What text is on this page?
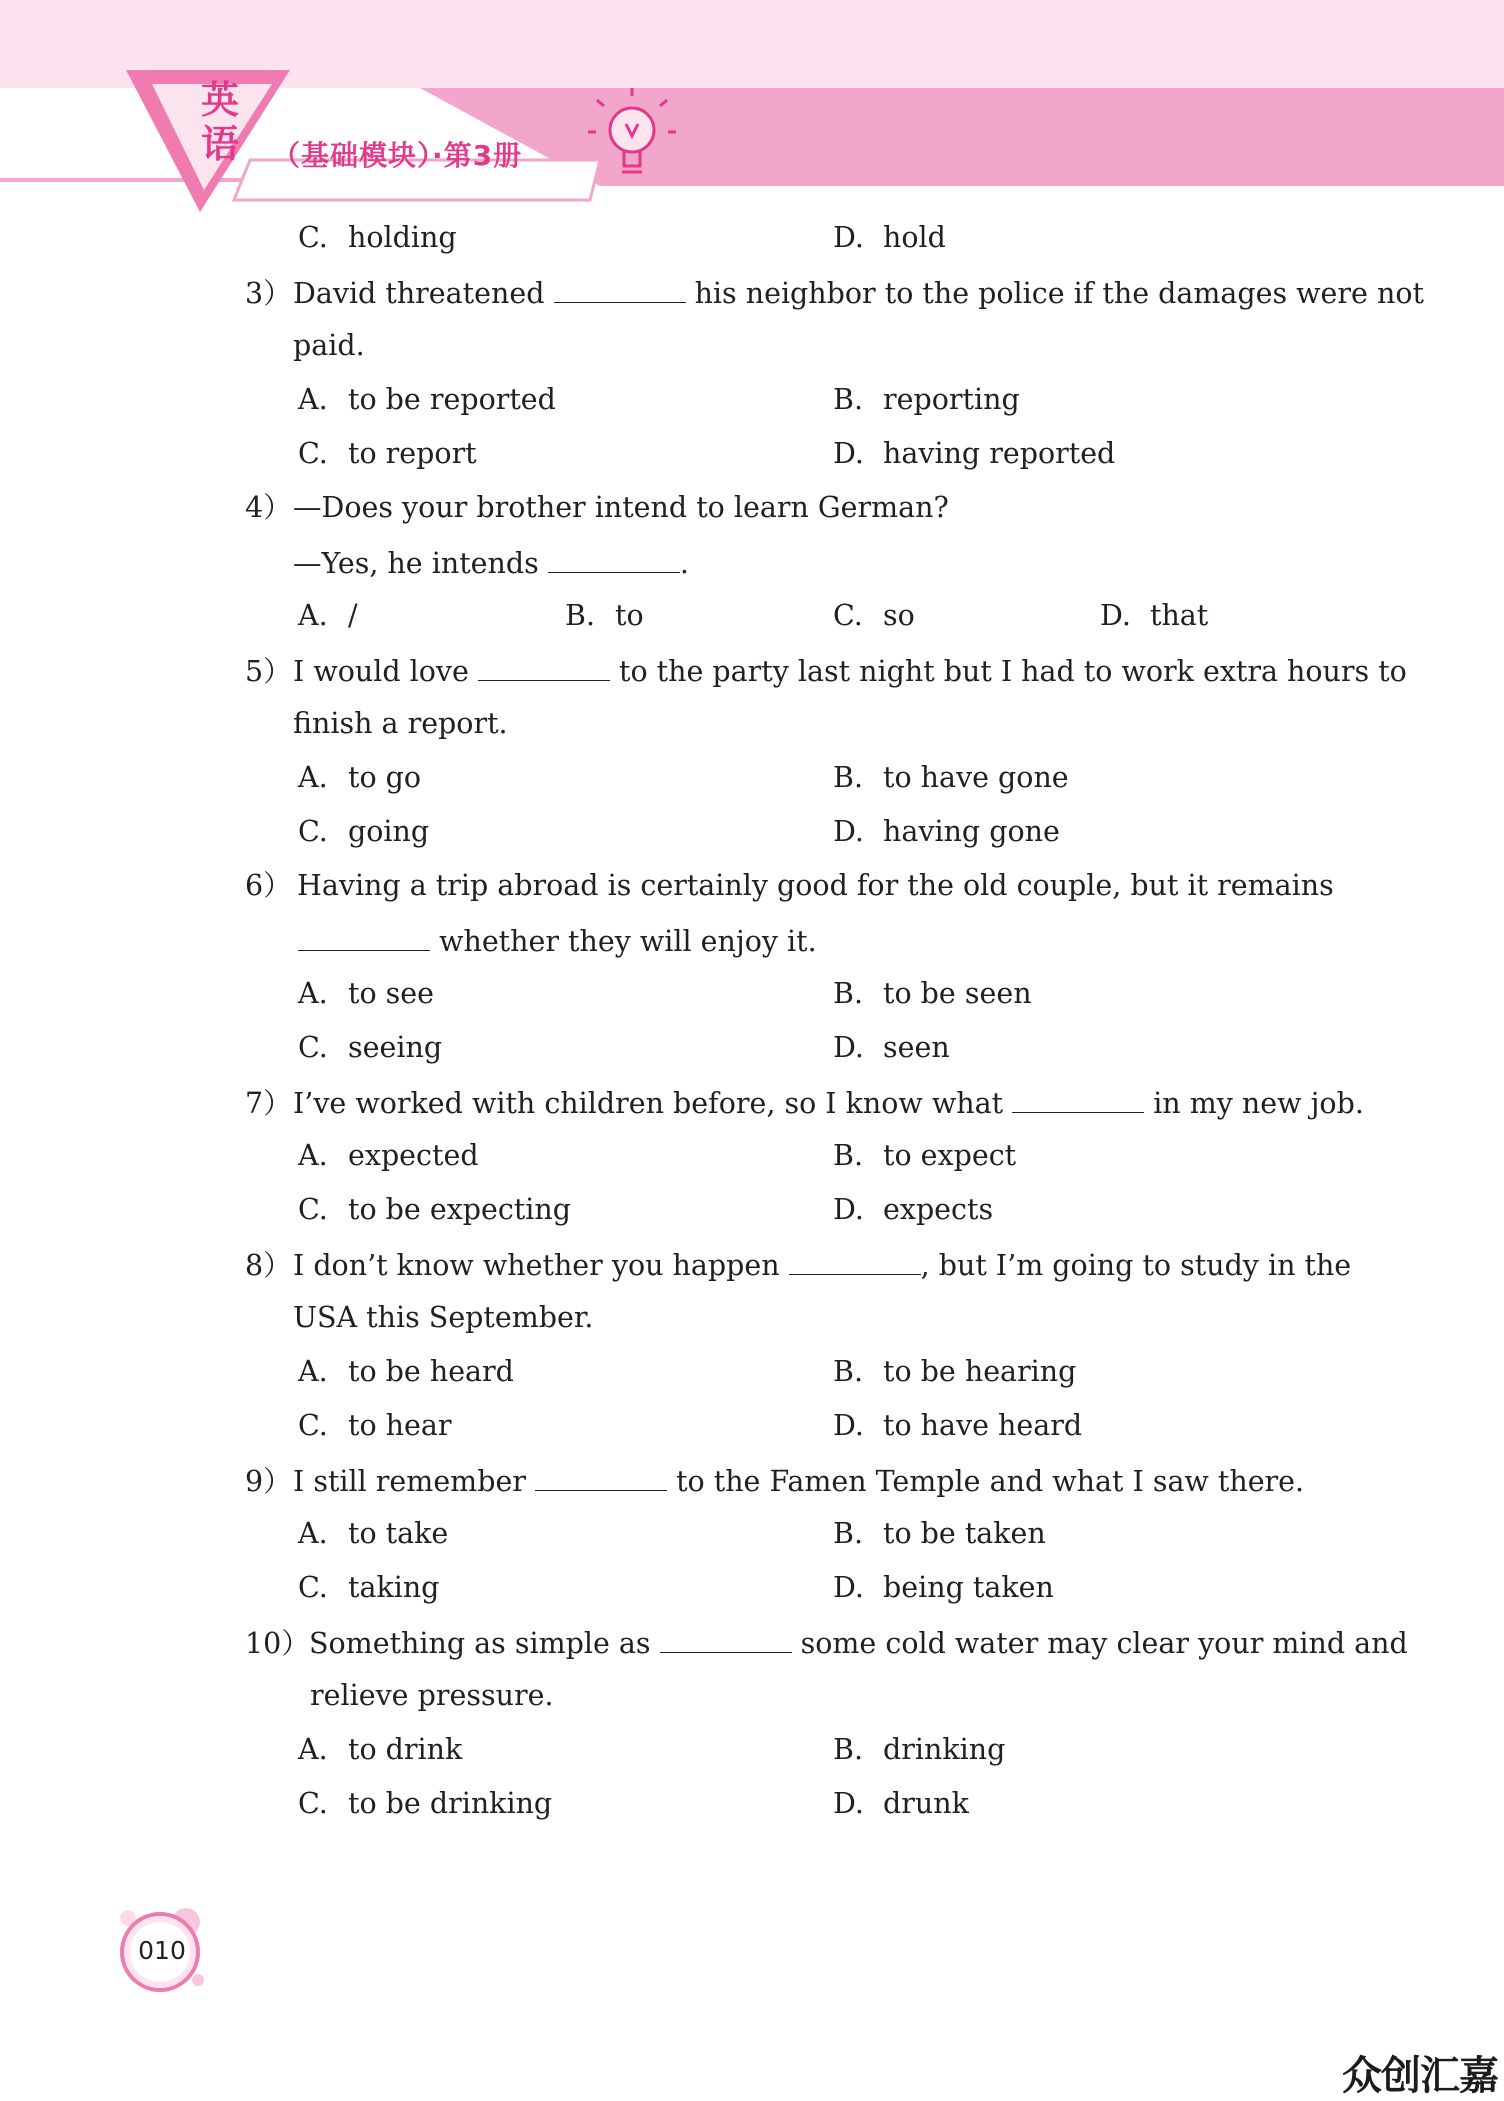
英
语	（基础模块）·第3册
C. holding	D. hold
3）David threatened	his neighbor to the police if the damages were not
paid.
A. to be reported	B. reporting
C. to report	D. having reported
4）—Does your brother intend to learn German?
—Yes, he intends	.
A. /	B. to	C. so	D. that
5）I would love	to the party last night but I had to work extra hours to
finish a report.
A. to go	B. to have gone
C. going	D. having gone
6） Having a trip abroad is certainly good for the old couple, but it remains
whether they will enjoy it.
A. to see	B. to be seen
C. seeing	D. seen
7）I’ve worked with children before, so I know what	in my new job.
A. expected	B. to expect
C. to be expecting	D. expects
8）I don’t know whether you happen	, but I’m going to study in the
USA this September.
A. to be heard	B. to be hearing
C. to hear	D. to have heard
9）I still remember	to the Famen Temple and what I saw there.
A. to take	B. to be taken
C. taking	D. being taken
10）Something as simple as	some cold water may clear your mind and
relieve pressure.
A. to drink	B. drinking
C. to be drinking	D. drunk
010
众创汇嘉
